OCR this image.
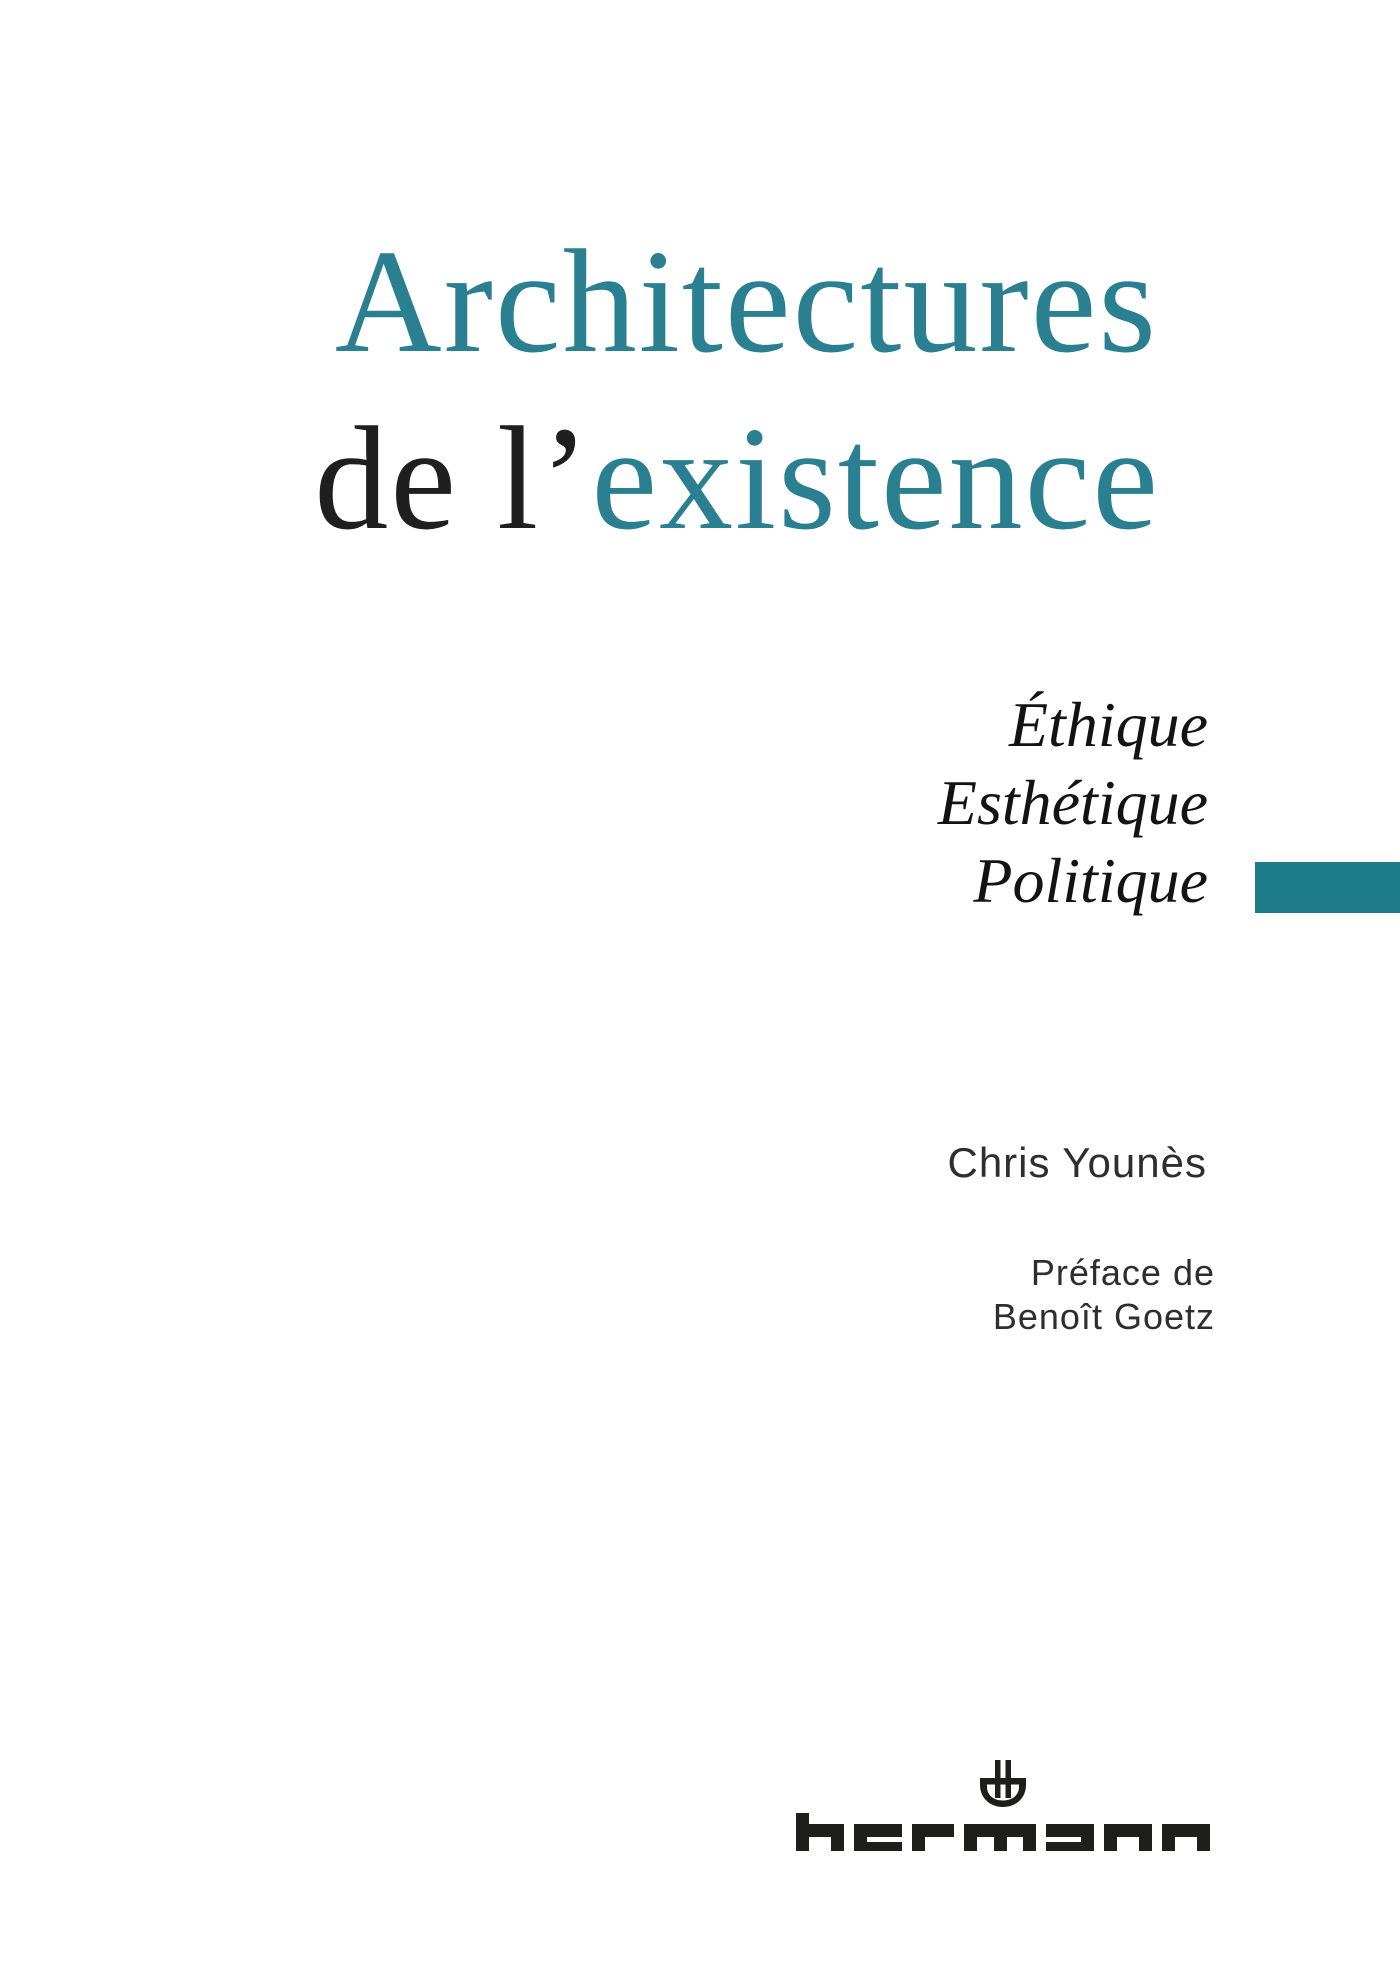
Architectures
de l’existence
Éthique
Esthétique
Politique
Chris Younès
Préface de
Benoît Goetz
